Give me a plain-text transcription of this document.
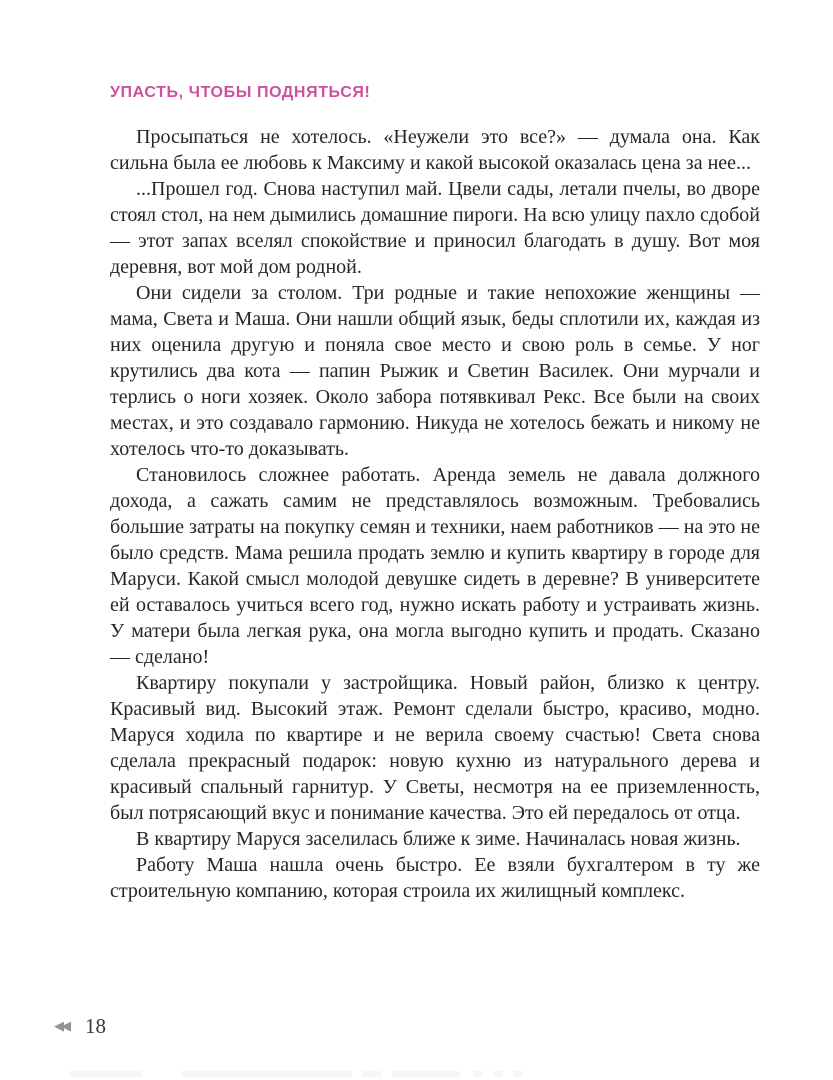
УПАСТЬ, ЧТОБЫ ПОДНЯТЬСЯ!

Просыпаться не хотелось. «Неужели это все?» — думала она. Как сильна была ее любовь к Максиму и какой высокой оказалась цена за нее...

...Прошел год. Снова наступил май. Цвели сады, летали пчелы, во дворе стоял стол, на нем дымились домашние пироги. На всю улицу пахло сдобой — этот запах вселял спокойствие и приносил благодать в душу. Вот моя деревня, вот мой дом родной.

Они сидели за столом. Три родные и такие непохожие женщины — мама, Света и Маша. Они нашли общий язык, беды сплотили их, каждая из них оценила другую и поняла свое место и свою роль в семье. У ног крутились два кота — папин Рыжик и Светин Василек. Они мурчали и терлись о ноги хозяек. Около забора потявкивал Рекс. Все были на своих местах, и это создавало гармонию. Никуда не хотелось бежать и никому не хотелось что-то доказывать.

Становилось сложнее работать. Аренда земель не давала должного дохода, а сажать самим не представлялось возможным. Требовались большие затраты на покупку семян и техники, наем работников — на это не было средств. Мама решила продать землю и купить квартиру в городе для Маруси. Какой смысл молодой девушке сидеть в деревне? В университете ей оставалось учиться всего год, нужно искать работу и устраивать жизнь. У матери была легкая рука, она могла выгодно купить и продать. Сказано — сделано!

Квартиру покупали у застройщика. Новый район, близко к центру. Красивый вид. Высокий этаж. Ремонт сделали быстро, красиво, модно. Маруся ходила по квартире и не верила своему счастью! Света снова сделала прекрасный подарок: новую кухню из натурального дерева и красивый спальный гарнитур. У Светы, несмотря на ее приземленность, был потрясающий вкус и понимание качества. Это ей передалось от отца.

В квартиру Маруся заселилась ближе к зиме. Начиналась новая жизнь.

Работу Маша нашла очень быстро. Ее взяли бухгалтером в ту же строительную компанию, которая строила их жилищный комплекс.

◀◀ 18
